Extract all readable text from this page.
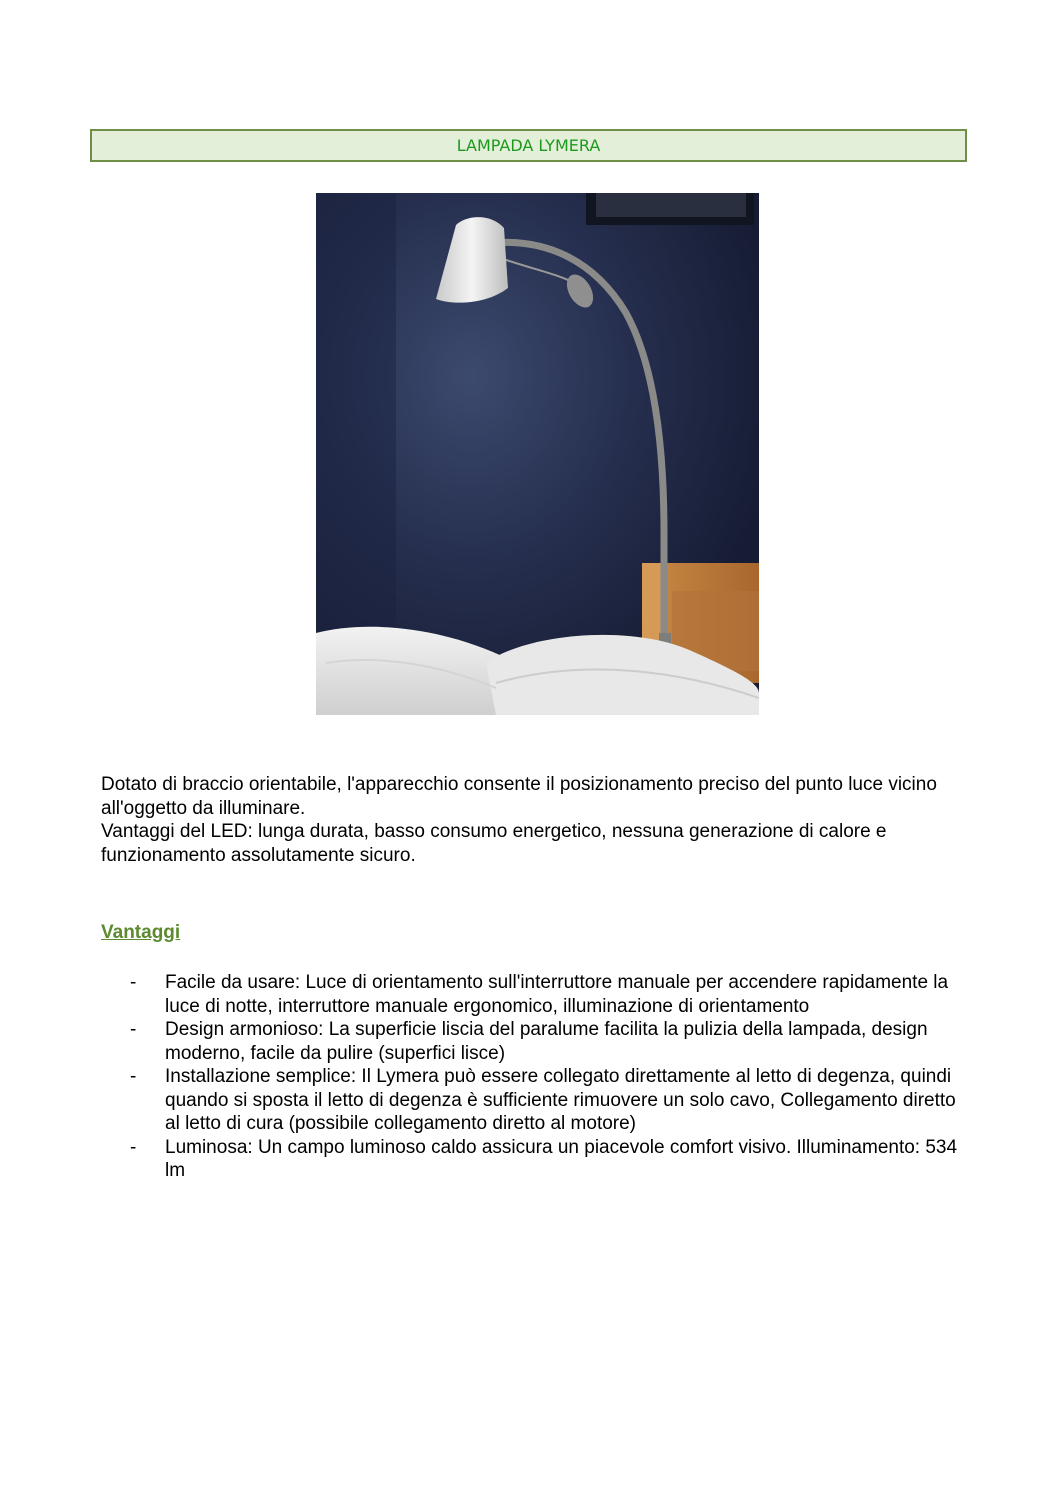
LAMPADA LYMERA

Dotato di braccio orientabile, l'apparecchio consente il posizionamento preciso del punto luce vicino all'oggetto da illuminare.

Vantaggi del LED: lunga durata, basso consumo energetico, nessuna generazione di calore e funzionamento assolutamente sicuro.

Vantaggi
- Facile da usare: Luce di orientamento sull'interruttore manuale per accendere rapidamente la luce di notte, interruttore manuale ergonomico, illuminazione di orientamento
- Design armonioso: La superficie liscia del paralume facilita la pulizia della lampada, design moderno, facile da pulire (superfici lisce)
- Installazione semplice: Il Lymera può essere collegato direttamente al letto di degenza, quindi quando si sposta il letto di degenza è sufficiente rimuovere un solo cavo, Collegamento diretto al letto di cura (possibile collegamento diretto al motore)
- Luminosa: Un campo luminoso caldo assicura un piacevole comfort visivo. Illuminamento: 534 lm
